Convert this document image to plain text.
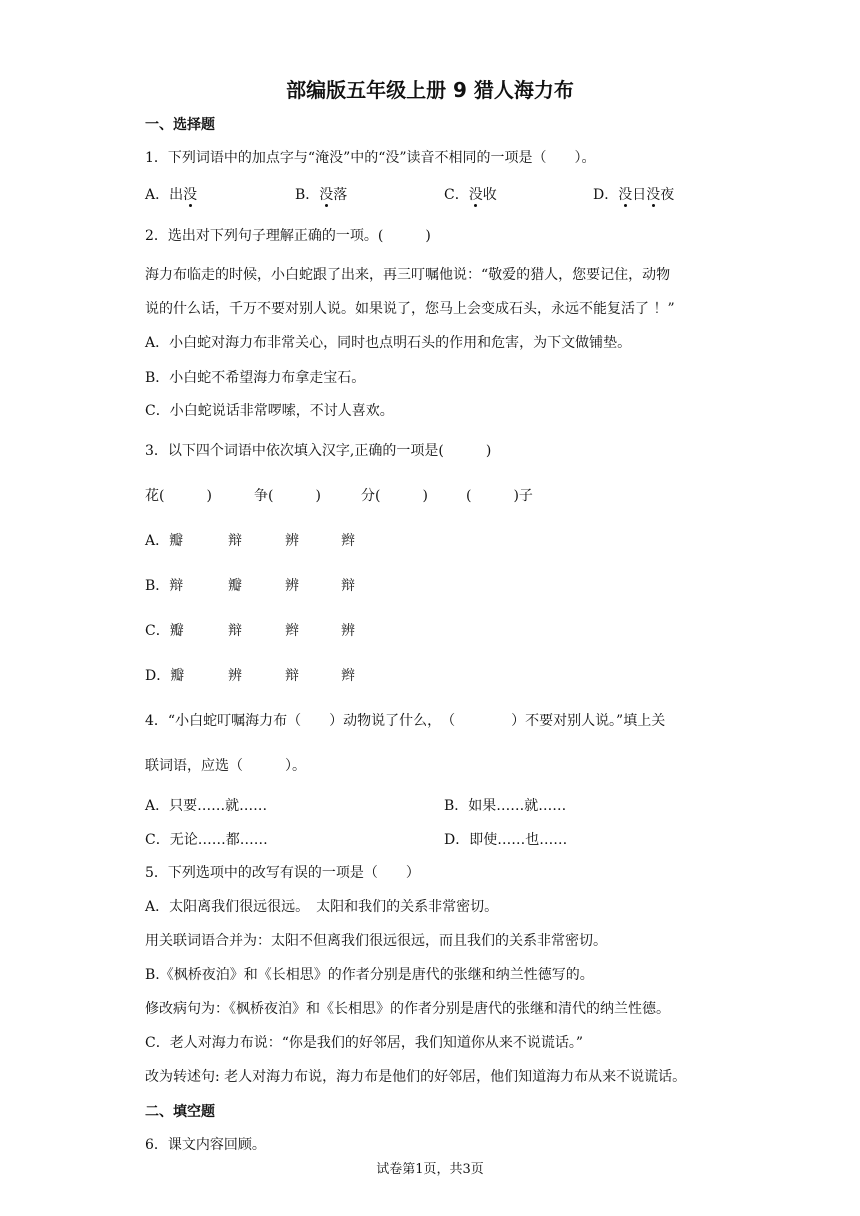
部编版五年级上册 9 猎人海力布
一、选择题
1．下列词语中的加点字与“淹没”中的“没”读音不相同的一项是（　　）。
A．出没	B．没落	C．没收	D．没日没夜
2．选出对下列句子理解正确的一项。(　　　)
海力布临走的时候，小白蛇跟了出来，再三叮嘱他说：“敬爱的猎人，您要记住，动物
说的什么话，千万不要对别人说。如果说了，您马上会变成石头，永远不能复活了 ！”
A．小白蛇对海力布非常关心，同时也点明石头的作用和危害，为下文做铺垫。
B．小白蛇不希望海力布拿走宝石。
C．小白蛇说话非常啰嗦，不讨人喜欢。
3．以下四个词语中依次填入汉字,正确的一项是(　　　)
花(　　　)	争(　　　)	分(　　　)	(　　　)子
A．瓣	辩	辨	辫
B．辩	瓣	辨	辩
C．瓣	辩	辫	辨
D．瓣	辨	辩	辫
4．“小白蛇叮嘱海力布（　　）动物说了什么，　（　　　　）不要对别人说。”填上关
联词语，应选（　　　）。
A．只要……就……	B．如果……就……
C．无论……都……	D．即使……也……
5．下列选项中的改写有误的一项是（　　）
A．太阳离我们很远很远。　太阳和我们的关系非常密切。
用关联词语合并为：太阳不但离我们很远很远，而且我们的关系非常密切。
B.《枫桥夜泊》和《长相思》的作者分别是唐代的张继和纳兰性德写的。
修改病句为：《枫桥夜泊》和《长相思》的作者分别是唐代的张继和清代的纳兰性德。
C．老人对海力布说：“你是我们的好邻居，我们知道你从来不说谎话。”
改为转述句: 老人对海力布说，海力布是他们的好邻居，他们知道海力布从来不说谎话。
二、填空题
6．课文内容回顾。
试卷第1页，共3页
